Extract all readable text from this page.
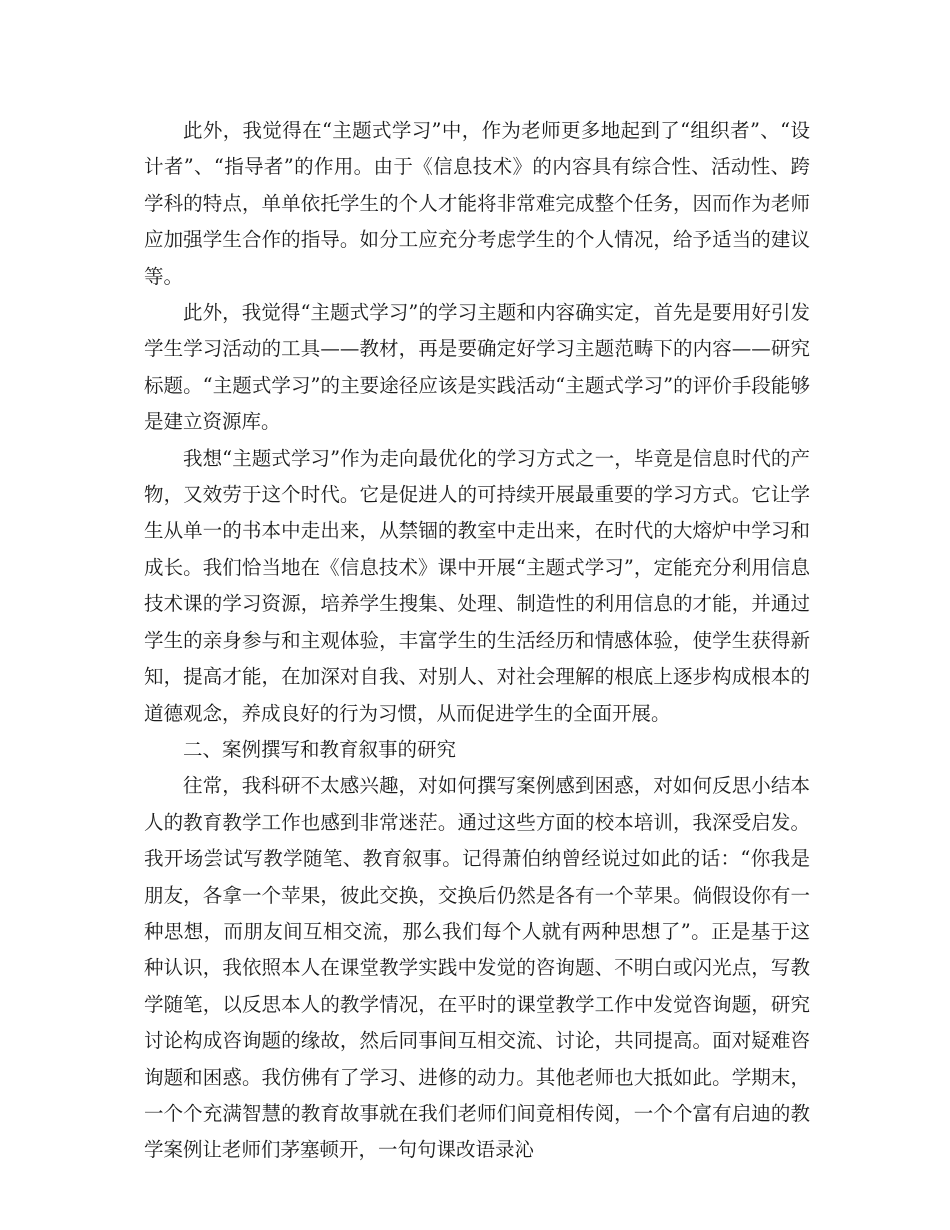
此外，我觉得在“主题式学习”中，作为老师更多地起到了“组织者”、“设计者”、“指导者”的作用。由于《信息技术》的内容具有综合性、活动性、跨学科的特点，单单依托学生的个人才能将非常难完成整个任务，因而作为老师应加强学生合作的指导。如分工应充分考虑学生的个人情况，给予适当的建议等。

此外，我觉得“主题式学习”的学习主题和内容确实定，首先是要用好引发学生学习活动的工具——教材，再是要确定好学习主题范畴下的内容——研究标题。“主题式学习”的主要途径应该是实践活动“主题式学习”的评价手段能够是建立资源库。

我想“主题式学习”作为走向最优化的学习方式之一，毕竟是信息时代的产物，又效劳于这个时代。它是促进人的可持续开展最重要的学习方式。它让学生从单一的书本中走出来，从禁锢的教室中走出来，在时代的大熔炉中学习和成长。我们恰当地在《信息技术》课中开展“主题式学习”，定能充分利用信息技术课的学习资源，培养学生搜集、处理、制造性的利用信息的才能，并通过学生的亲身参与和主观体验，丰富学生的生活经历和情感体验，使学生获得新知，提高才能，在加深对自我、对别人、对社会理解的根底上逐步构成根本的道德观念，养成良好的行为习惯，从而促进学生的全面开展。

二、案例撰写和教育叙事的研究

往常，我科研不太感兴趣，对如何撰写案例感到困惑，对如何反思小结本人的教育教学工作也感到非常迷茫。通过这些方面的校本培训，我深受启发。我开场尝试写教学随笔、教育叙事。记得萧伯纳曾经说过如此的话：“你我是朋友，各拿一个苹果，彼此交换，交换后仍然是各有一个苹果。倘假设你有一种思想，而朋友间互相交流，那么我们每个人就有两种思想了”。正是基于这种认识，我依照本人在课堂教学实践中发觉的咨询题、不明白或闪光点，写教学随笔，以反思本人的教学情况，在平时的课堂教学工作中发觉咨询题，研究讨论构成咨询题的缘故，然后同事间互相交流、讨论，共同提高。面对疑难咨询题和困惑。我仿佛有了学习、进修的动力。其他老师也大抵如此。学期末，一个个充满智慧的教育故事就在我们老师们间竟相传阅，一个个富有启迪的教学案例让老师们茅塞顿开，一句句课改语录沁
